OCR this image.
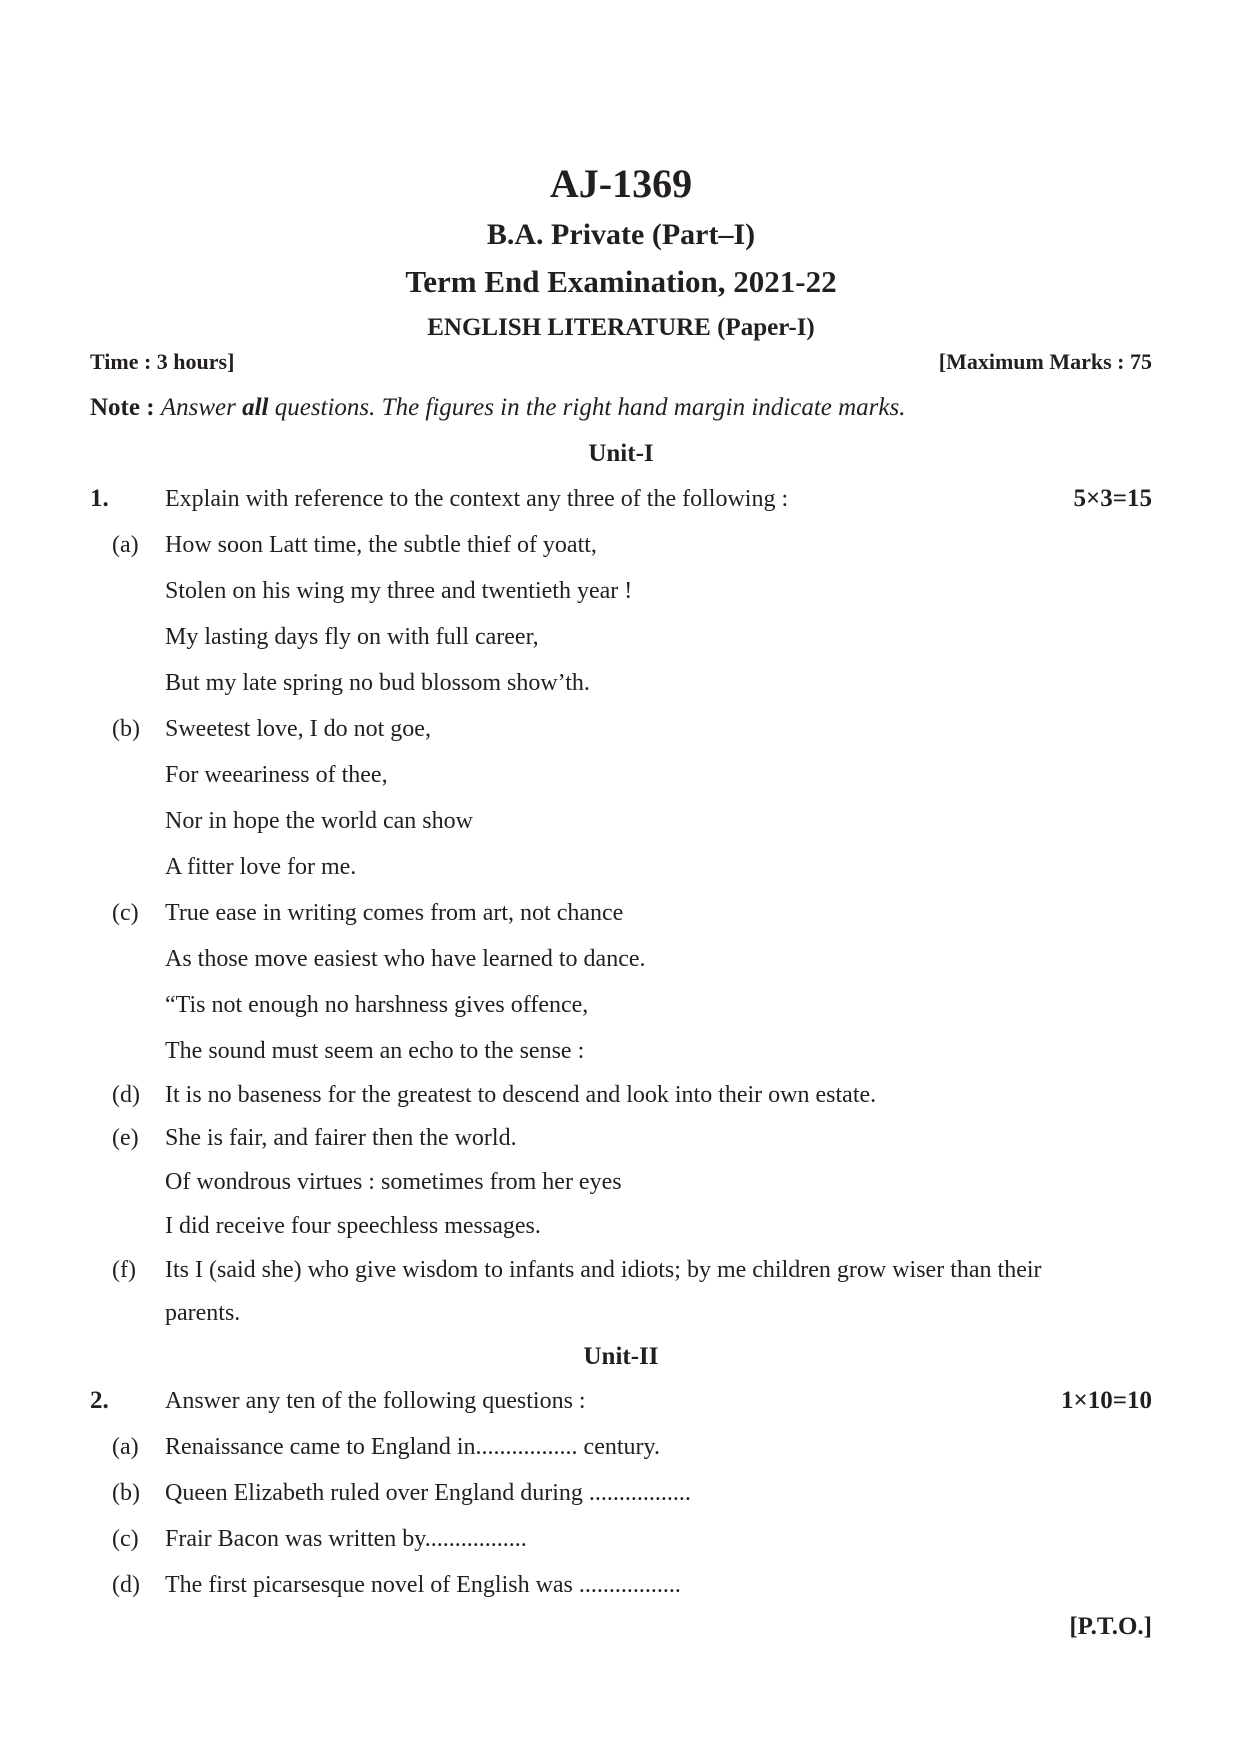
AJ-1369
B.A. Private (Part–I)
Term End Examination, 2021-22
ENGLISH LITERATURE (Paper-I)
Time : 3 hours]	[Maximum Marks : 75
Note : Answer all questions. The figures in the right hand margin indicate marks.
Unit-I
1. Explain with reference to the context any three of the following :	5×3=15
(a) How soon Latt time, the subtle thief of yoatt,
Stolen on his wing my three and twentieth year !
My lasting days fly on with full career,
But my late spring no bud blossom show’th.
(b) Sweetest love, I do not goe,
For weeariness of thee,
Nor in hope the world can show
A fitter love for me.
(c) True ease in writing comes from art, not chance
As those move easiest who have learned to dance.
“Tis not enough no harshness gives offence,
The sound must seem an echo to the sense :
(d) It is no baseness for the greatest to descend and look into their own estate.
(e) She is fair, and fairer then the world.
Of wondrous virtues : sometimes from her eyes
I did receive four speechless messages.
(f) Its I (said she) who give wisdom to infants and idiots; by me children grow wiser than their
parents.
Unit-II
2. Answer any ten of the following questions :	1×10=10
(a) Renaissance came to England in................. century.
(b) Queen Elizabeth ruled over England during .................
(c) Frair Bacon was written by.................
(d) The first picarsesque novel of English was .................
[P.T.O.]
